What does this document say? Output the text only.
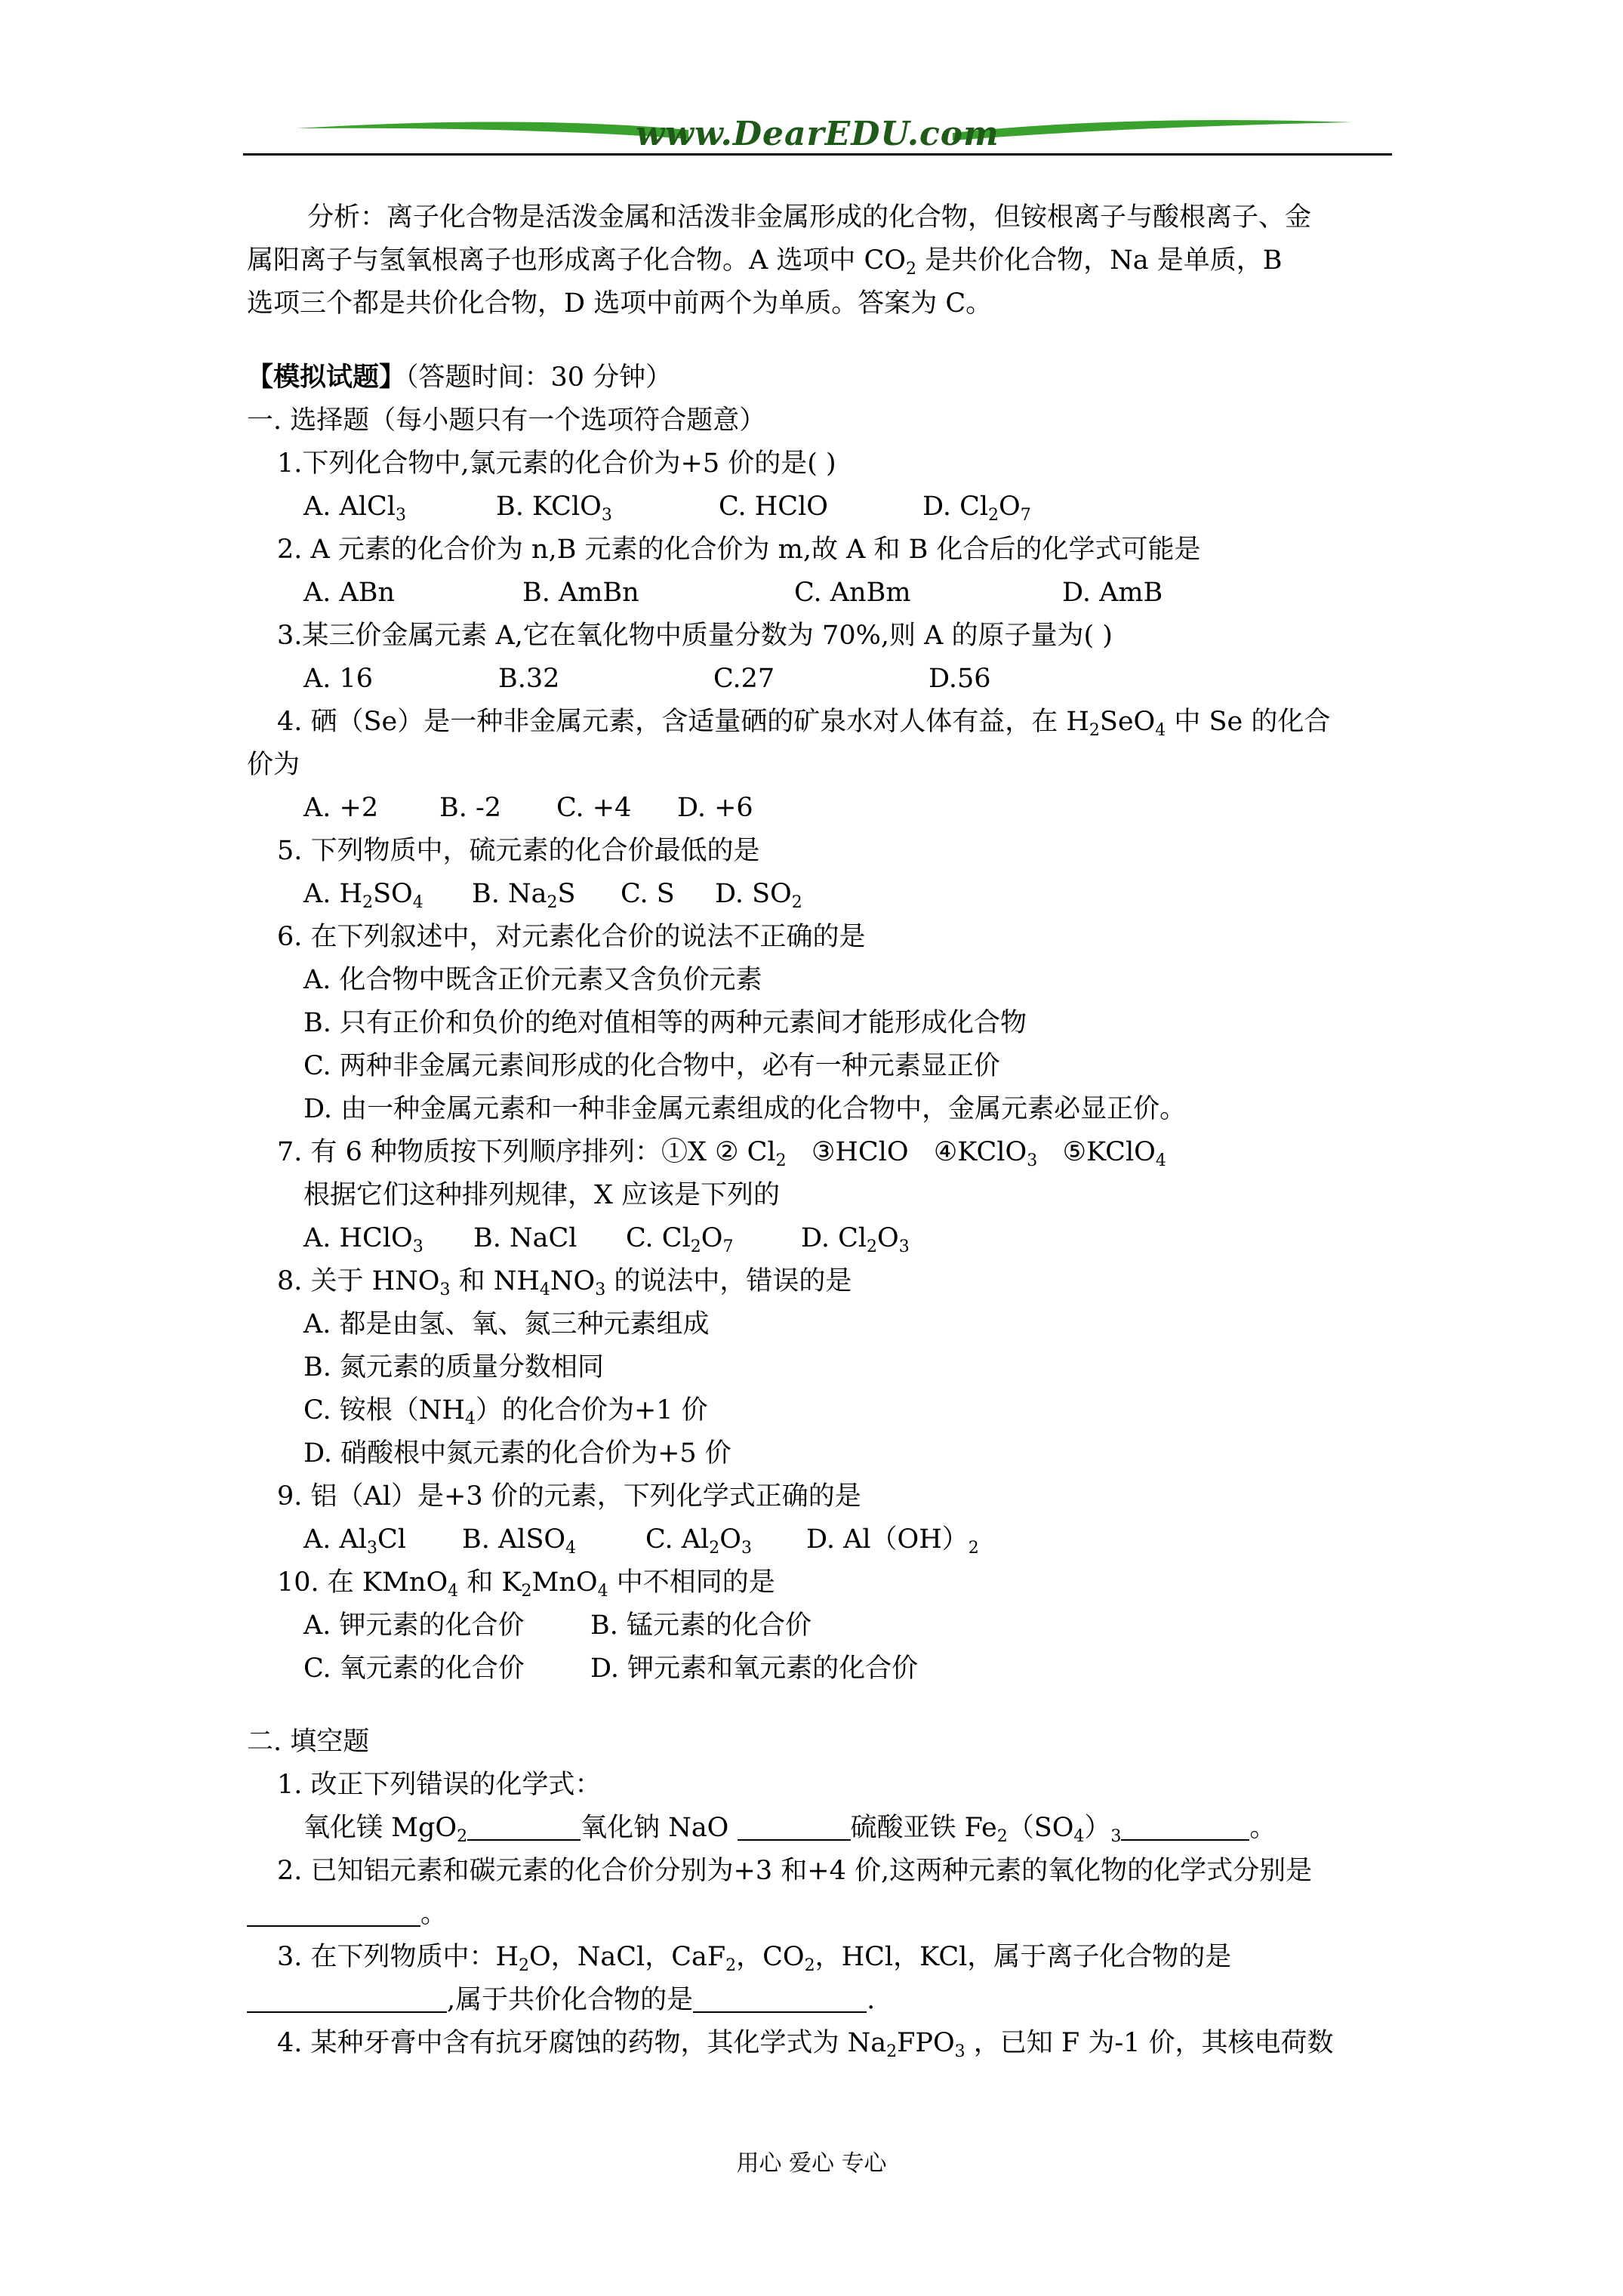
www.DearEDU.com

分析：离子化合物是活泼金属和活泼非金属形成的化合物，但铵根离子与酸根离子、金

属阳离子与氢氧根离子也形成离子化合物。A 选项中 $CO_2$ 是共价化合物，Na 是单质，B

选项三个都是共价化合物，D 选项中前两个为单质。答案为 C。

【模拟试题】（答题时间：30 分钟）

一. 选择题（每小题只有一个选项符合题意）

1.下列化合物中,氯元素的化合价为+5 价的是( )

A. AlCl$_3$	B. KClO$_3$	C. HClO	D. $Cl_2O_7$

2. A 元素的化合价为 n,B 元素的化合价为 m,故 A 和 B 化合后的化学式可能是

A. ABn	B. AmBn	C. AnBm	D. AmB

3.某三价金属元素 A,它在氧化物中质量分数为 70%,则 A 的原子量为( )

A. 16	B.32	C.27	D.56

4. 硒（Se）是一种非金属元素，含适量硒的矿泉水对人体有益，在 $H_2SeO_4$ 中 Se 的化合

价为

A. +2	B. -2	C. +4	D. +6

5. 下列物质中，硫元素的化合价最低的是

A. $H_2SO_4$	B. $Na_2S$	C. S	D. $SO_2$

6. 在下列叙述中，对元素化合价的说法不正确的是

A. 化合物中既含正价元素又含负价元素

B. 只有正价和负价的绝对值相等的两种元素间才能形成化合物

C. 两种非金属元素间形成的化合物中，必有一种元素显正价

D. 由一种金属元素和一种非金属元素组成的化合物中，金属元素必显正价。

7. 有 6 种物质按下列顺序排列：①X ② $Cl_2$ ③HClO ④KClO$_3$ ⑤KClO$_4$

根据它们这种排列规律，X 应该是下列的

A. HClO$_3$	B. NaCl	C. $Cl_2O_7$	D. $Cl_2O_3$

8. 关于 $HNO_3$ 和 $NH_4NO_3$ 的说法中，错误的是

A. 都是由氢、氧、氮三种元素组成

B. 氮元素的质量分数相同

C. 铵根$(NH_4)$的化合价为+1 价

D. 硝酸根中氮元素的化合价为+5 价

9. 铝（Al）是+3 价的元素，下列化学式正确的是

A. $Al_3Cl$	B. AlSO$_4$	C. $Al_2O_3$	D. $Al(OH)_2$

10. 在 KMnO$_4$ 和 $K_2MnO_4$ 中不相同的是

A. 钾元素的化合价	B. 锰元素的化合价
C. 氧元素的化合价	D. 钾元素和氧元素的化合价

二. 填空题

1. 改正下列错误的化学式：

氧化镁 MgO$_2$	氧化钠 NaO	硫酸亚铁 $Fe_2(SO_4)_3$	。

2. 已知铝元素和碳元素的化合价分别为+3 和+4 价,这两种元素的氧化物的化学式分别是

。

3. 在下列物质中：$H_2O$，NaCl，CaF$_2$，$CO_2$，HCl，KCl，属于离子化合物的是

,属于共价化合物的是	.

4. 某种牙膏中含有抗牙腐蚀的药物，其化学式为 $Na_2FPO_3$ ，已知 F 为-1 价，其核电荷数

用心 爱心 专心
